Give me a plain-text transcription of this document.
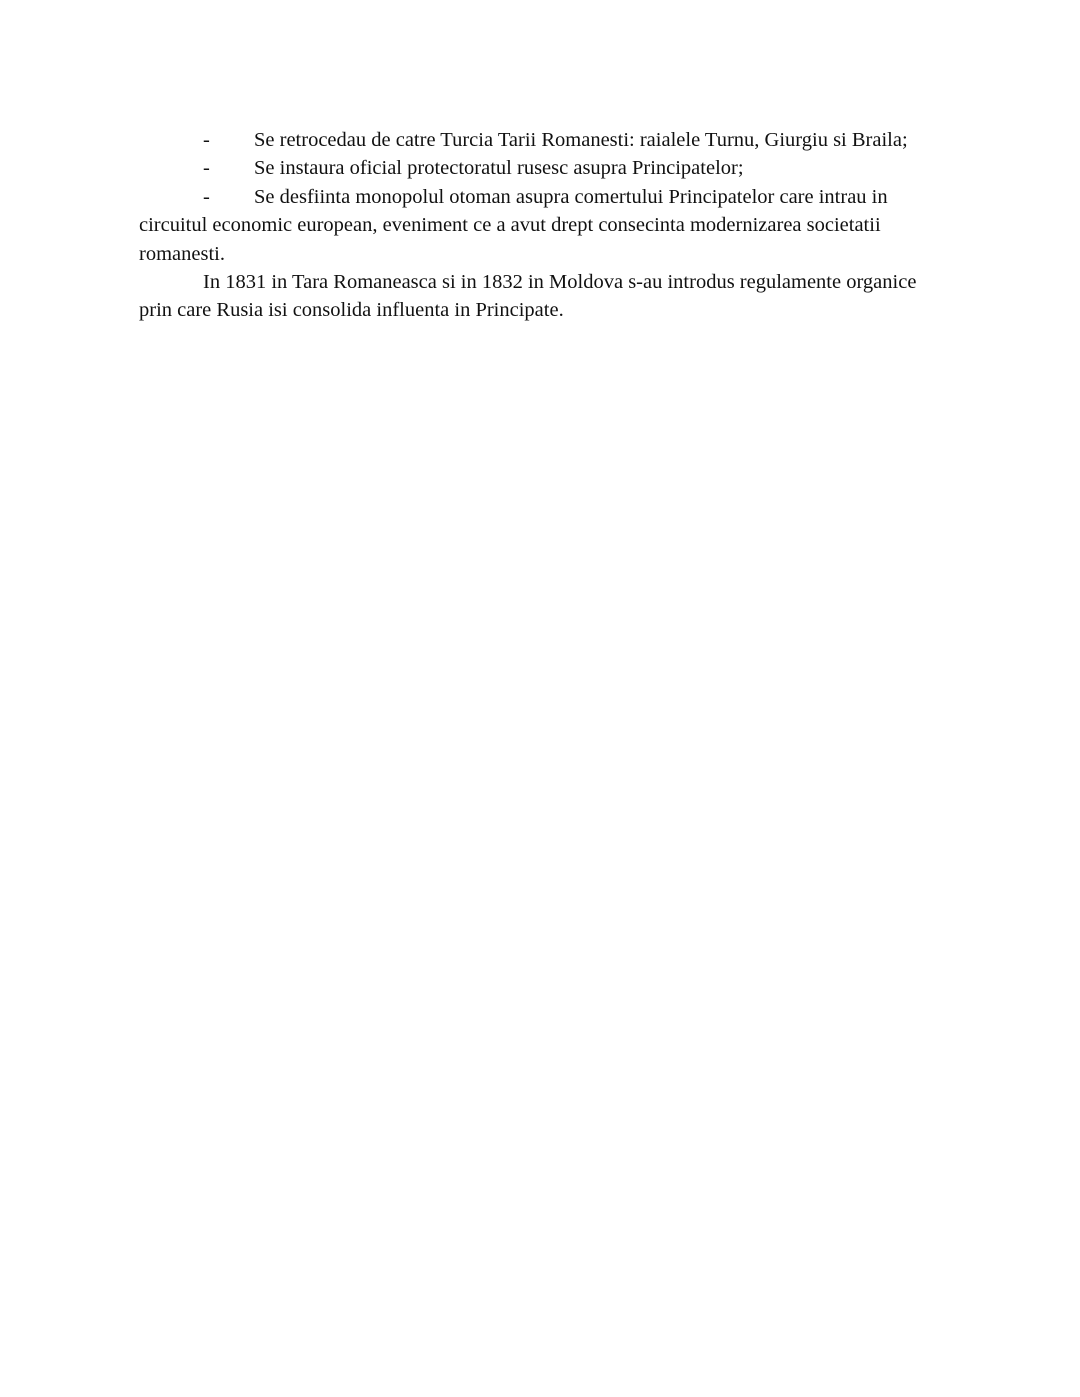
- Se retrocedau de catre Turcia Tarii Romanesti: raialele Turnu, Giurgiu si Braila;

- Se instaura oficial protectoratul rusesc asupra Principatelor;

- Se desfiinta monopolul otoman asupra comertului Principatelor care intrau in circuitul economic european, eveniment ce a avut drept consecinta modernizarea societatii romanesti.

In 1831 in Tara Romaneasca si in 1832 in Moldova s-au introdus regulamente organice prin care Rusia isi consolida influenta in Principate.
